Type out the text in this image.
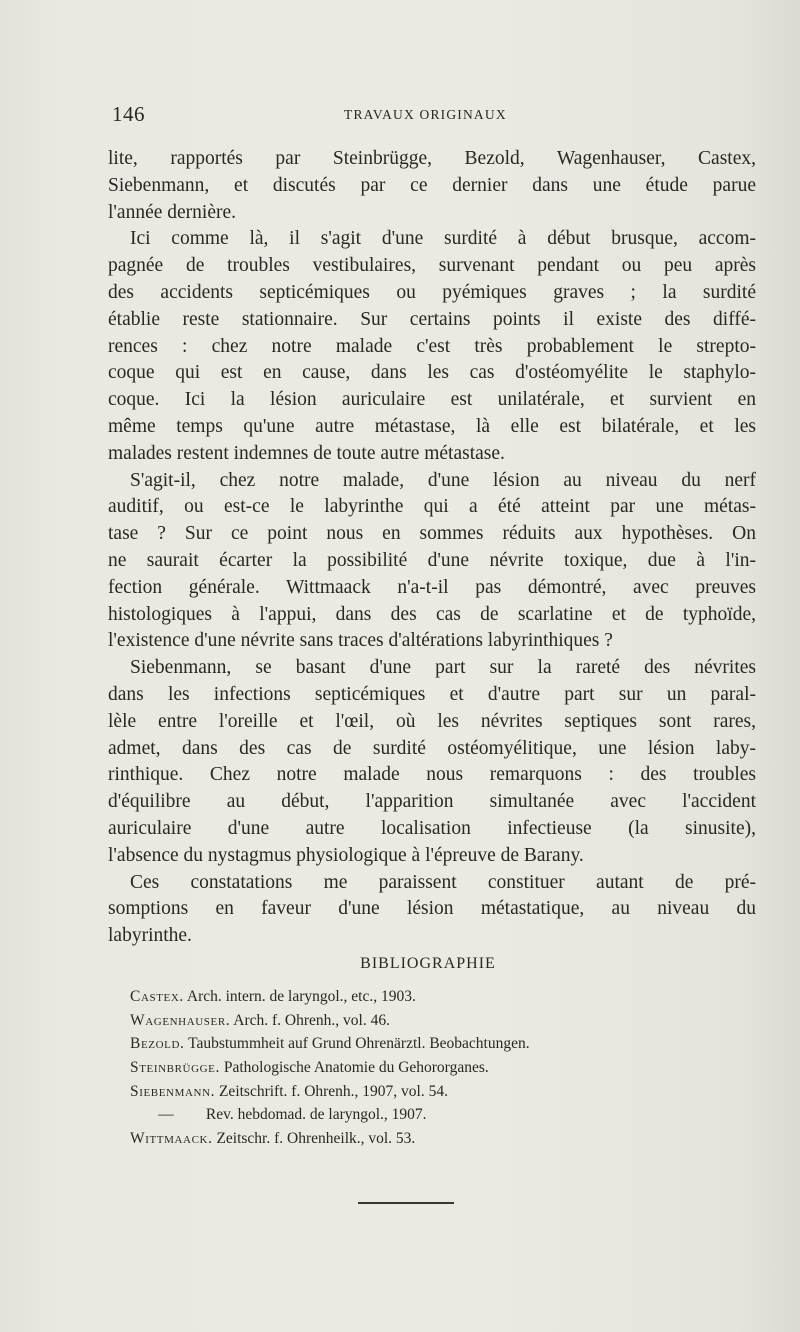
146	TRAVAUX ORIGINAUX
lite, rapportés par Steinbrügge, Bezold, Wagenhauser, Castex,
Siebenmann, et discutés par ce dernier dans une étude parue
l'année dernière.
Ici comme là, il s'agit d'une surdité à début brusque, accom-
pagnée de troubles vestibulaires, survenant pendant ou peu après
des accidents septicémiques ou pyémiques graves ; la surdité
établie reste stationnaire. Sur certains points il existe des diffé-
rences : chez notre malade c'est très probablement le strepto-
coque qui est en cause, dans les cas d'ostéomyélite le staphylo-
coque. Ici la lésion auriculaire est unilatérale, et survient en
même temps qu'une autre métastase, là elle est bilatérale, et les
malades restent indemnes de toute autre métastase.
S'agit-il, chez notre malade, d'une lésion au niveau du nerf
auditif, ou est-ce le labyrinthe qui a été atteint par une métas-
tase ? Sur ce point nous en sommes réduits aux hypothèses. On
ne saurait écarter la possibilité d'une névrite toxique, due à l'in-
fection générale. Wittmaack n'a-t-il pas démontré, avec preuves
histologiques à l'appui, dans des cas de scarlatine et de typhoïde,
l'existence d'une névrite sans traces d'altérations labyrinthiques ?
Siebenmann, se basant d'une part sur la rareté des névrites
dans les infections septicémiques et d'autre part sur un paral-
lèle entre l'oreille et l'œil, où les névrites septiques sont rares,
admet, dans des cas de surdité ostéomyélitique, une lésion laby-
rinthique. Chez notre malade nous remarquons : des troubles
d'équilibre au début, l'apparition simultanée avec l'accident
auriculaire d'une autre localisation infectieuse (la sinusite),
l'absence du nystagmus physiologique à l'épreuve de Barany.
Ces constatations me paraissent constituer autant de pré-
somptions en faveur d'une lésion métastatique, au niveau du
labyrinthe.
BIBLIOGRAPHIE
Castex. Arch. intern. de laryngol., etc., 1903.
Wagenhauser. Arch. f. Ohrenh., vol. 46.
Bezold. Taubstummheit auf Grund Ohrenärztl. Beobachtungen.
Steinbrügge. Pathologische Anatomie du Gehororganes.
Siebenmann. Zeitschrift. f. Ohrenh., 1907, vol. 54.
— Rev. hebdomad. de laryngol., 1907.
Wittmaack. Zeitschr. f. Ohrenheilk., vol. 53.
